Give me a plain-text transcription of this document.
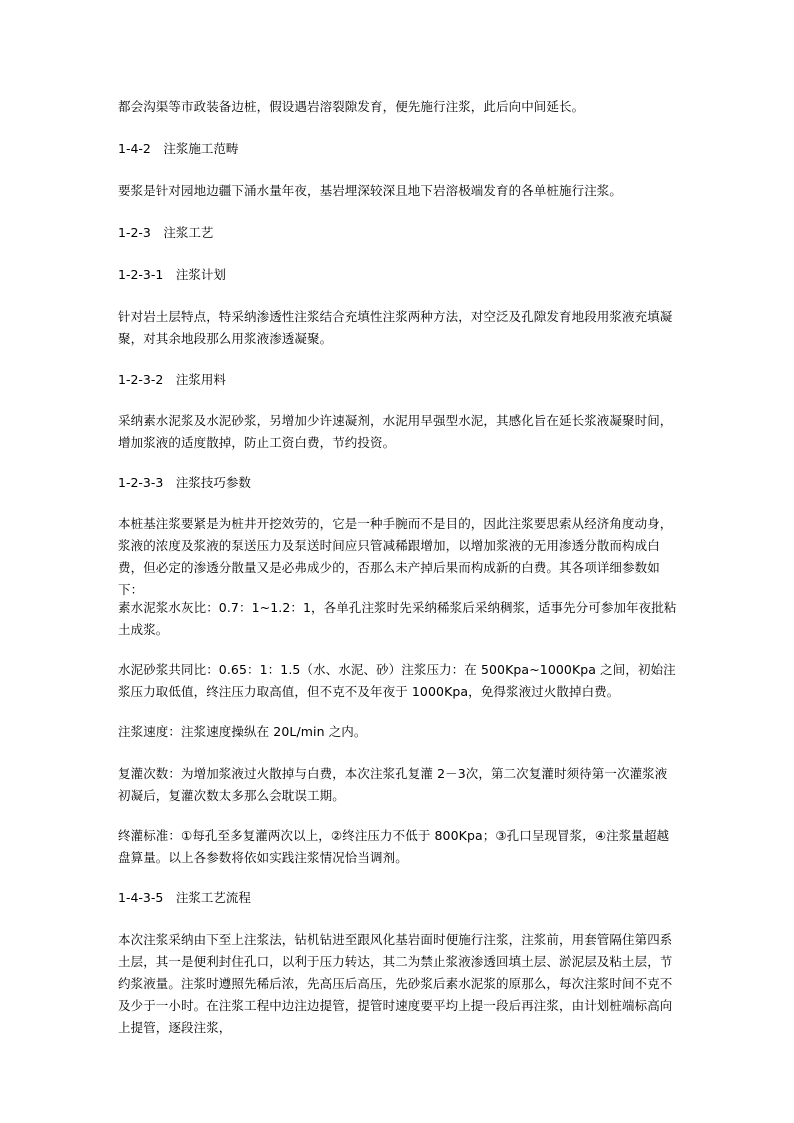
都会沟渠等市政装备边桩，假设遇岩溶裂隙发育，便先施行注浆，此后向中间延长。
1-4-2　注浆施工范畴
要浆是针对园地边疆下涌水量年夜，基岩埋深较深且地下岩溶极端发育的各单桩施行注浆。
1-2-3　注浆工艺
1-2-3-1　注浆计划
针对岩土层特点，特采纳渗透性注浆结合充填性注浆两种方法，对空泛及孔隙发育地段用浆液充填凝聚，对其余地段那么用浆液渗透凝聚。
1-2-3-2　注浆用料
采纳素水泥浆及水泥砂浆，另增加少许速凝剂，水泥用早强型水泥，其感化旨在延长浆液凝聚时间，增加浆液的适度散掉，防止工资白费，节约投资。
1-2-3-3　注浆技巧参数
本桩基注浆要紧是为桩井开挖效劳的，它是一种手腕而不是目的，因此注浆要思索从经济角度动身，浆液的浓度及浆液的泵送压力及泵送时间应只管减稀跟增加，以增加浆液的无用渗透分散而构成白费，但必定的渗透分散量又是必弗成少的，否那么未产掉后果而构成新的白费。其各项详细参数如下：
素水泥浆水灰比：0.7：1~1.2：1，各单孔注浆时先采纳稀浆后采纳稠浆，适事先分可参加年夜批粘土成浆。
水泥砂浆共同比：0.65：1：1.5（水、水泥、砂）注浆压力：在 500Kpa~1000Kpa 之间，初始注浆压力取低值，终注压力取高值，但不克不及年夜于 1000Kpa，免得浆液过火散掉白费。
注浆速度：注浆速度操纵在 20L/min 之内。
复灌次数：为增加浆液过火散掉与白费，本次注浆孔复灌 2－3次，第二次复灌时须待第一次灌浆液初凝后，复灌次数太多那么会耽误工期。
终灌标准：①每孔至多复灌两次以上，②终注压力不低于 800Kpa；③孔口呈现冒浆，④注浆量超越盘算量。以上各参数将依如实践注浆情况恰当调剂。
1-4-3-5　注浆工艺流程
本次注浆采纳由下至上注浆法，钻机钻进至跟风化基岩面时便施行注浆，注浆前，用套管隔住第四系土层，其一是便利封住孔口，以利于压力转达，其二为禁止浆液渗透回填土层、淤泥层及粘土层，节约浆液量。注浆时遵照先稀后浓，先高压后高压，先砂浆后素水泥浆的原那么，每次注浆时间不克不及少于一小时。在注浆工程中边注边提管，提管时速度要平均上提一段后再注浆，由计划桩端标高向上提管，逐段注浆，
